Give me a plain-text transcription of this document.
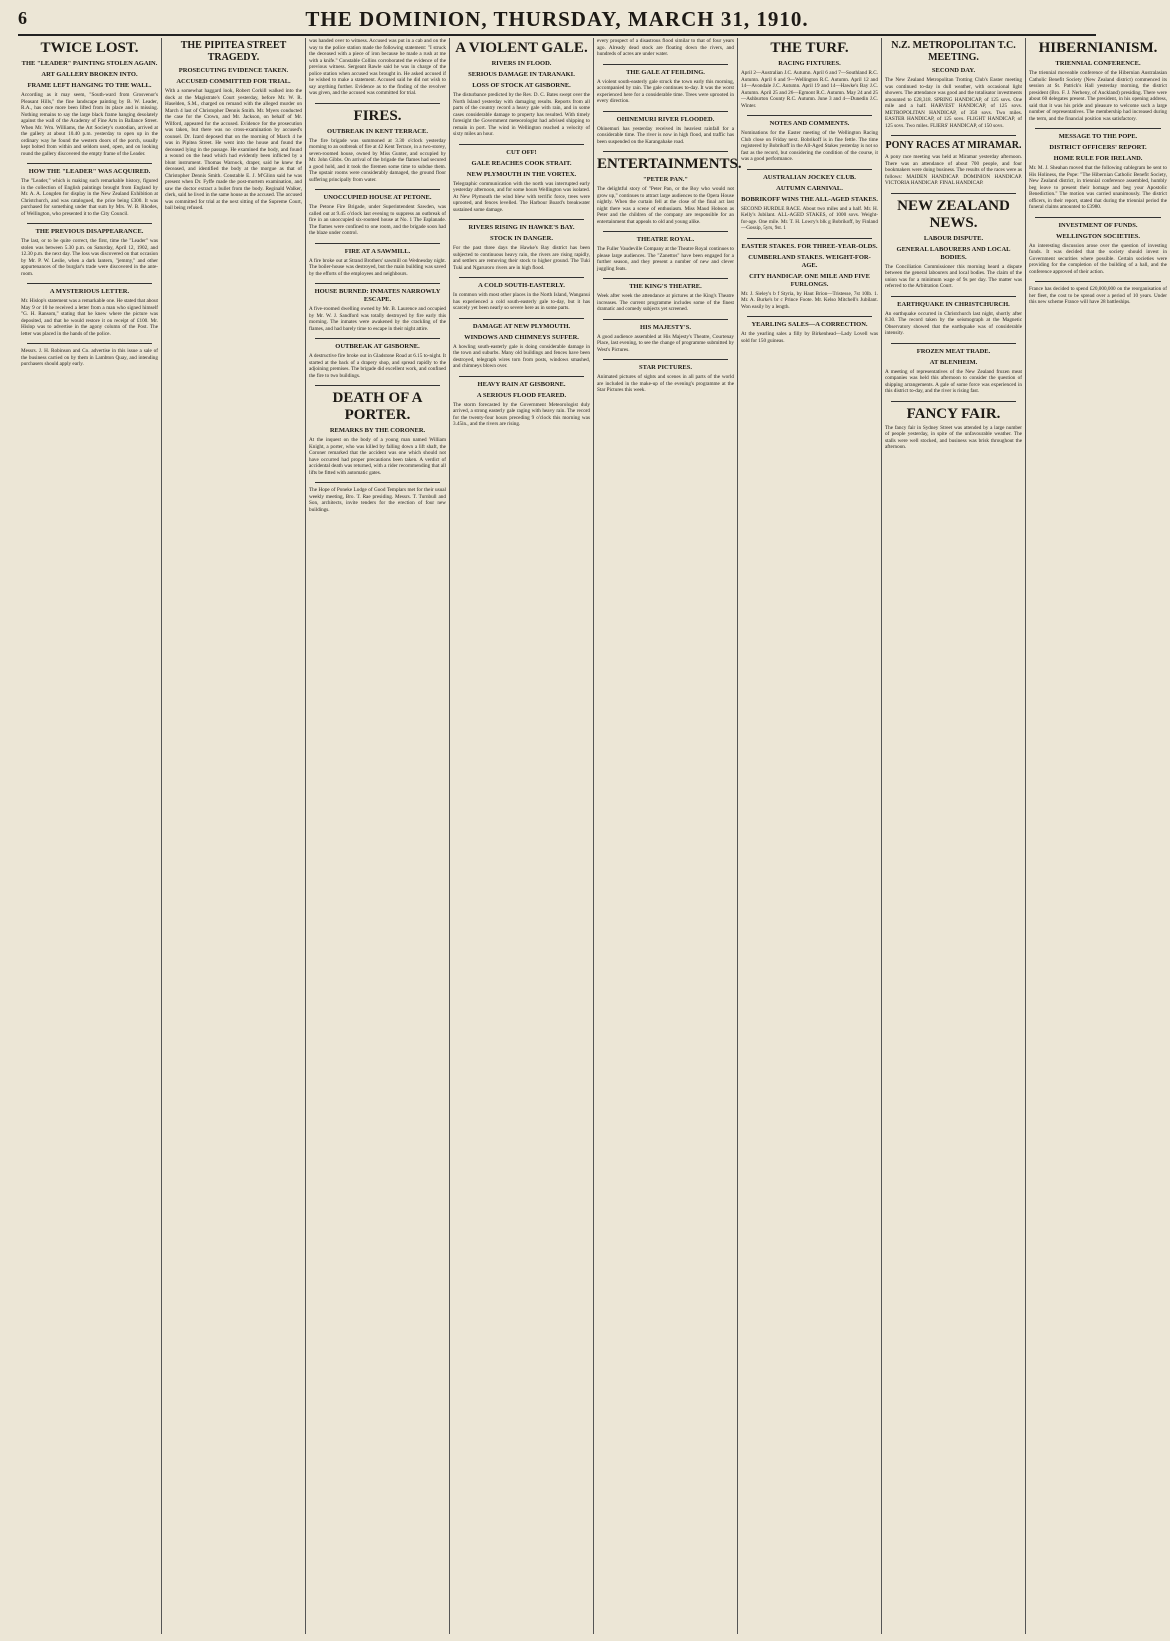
6	THE DOMINION, THURSDAY, MARCH 31, 1910.
TWICE LOST.
THE "LEADER" PAINTING STOLEN AGAIN.
ART GALLERY BROKEN INTO.
FRAME LEFT HANGING TO THE WALL.

According as it may seem, "South-ward from Grosvenor's Pleasant Hills," the fine landscape painting by B. W. Leader, R.A., has once more been lifted from its place and is missing. Nothing remains to say the large black frame hanging desolately against the wall of the Academy of Fine Arts in Ballance Street. When Mr. Wm. Williams, the Art Society's custodian, arrived at the gallery at about 10.40 p.m. yesterday to open up in the ordinary way he found the western doors of the porch, usually kept bolted from within and seldom used, open, and on looking round the gallery discovered the empty frame of the Leader.

HOW THE "LEADER" WAS ACQUIRED.

The "Leader," which is making such remarkable history, figured in the collection of English paintings brought from England by Mr. A. A. Longden for display in the New Zealand Exhibition at Christchurch, and was catalogued, the price being £300. It was purchased for something under that sum by Mrs. W. B. Rhodes, of Wellington, who presented it to the City Council.

THE PREVIOUS DISAPPEARANCE.

The last, or to be quite correct, the first, time the "Leader" was stolen was between 5.30 p.m. on Saturday, April 12, 1902, and 12.30 p.m. the next day. The loss was discovered on that occasion by Mr. P. W. Leslie, when a dark lantern, "jemmy," and other appurtenances of the burglar's trade were discovered in the ante-room.

A MYSTERIOUS LETTER.

Mr. Hislop's statement was a remarkable one. He stated that about May 9 or 10 he received a letter from a man who signed himself "G. H. Ransom," stating that he knew where the picture was deposited, and that he would restore it on receipt of £100. Mr. Hislop was to advertise in the agony column of the Post. The letter was placed in the hands of the police.

Messrs. J. H. Robinson and Co. advertise in this issue a sale of the business carried on by them in Lambton Quay, and intending purchasers should apply early.

THE PIPITEA STREET TRAGEDY.
PROSECUTING EVIDENCE TAKEN.
ACCUSED COMMITTED FOR TRIAL.

With a somewhat haggard look, Robert Corkill walked into the dock at the Magistrate's Court yesterday, before Mr. W. R. Haselden, S.M., charged on remand with the alleged murder on March 4 last of Christopher Dennis Smith. Mr. Myers conducted the case for the Crown, and Mr. Jackson, on behalf of Mr. Wilford, appeared for the accused. Evidence for the prosecution was taken, but there was no cross-examination by accused's counsel. Dr. Izard deposed that on the morning of March 4 he was in Pipitea Street. He went into the house and found the deceased lying in the passage. He examined the body, and found a wound on the head which had evidently been inflicted by a blunt instrument. Thomas Warnock, draper, said he knew the deceased, and identified the body at the morgue as that of Christopher Dennis Smith. Constable E. J. M'Glinn said he was present when Dr. Fyffe made the post-mortem examination, and saw the doctor extract a bullet from the body. Reginald Walker, clerk, said he lived in the same house as the accused. The accused was committed for trial at the next sitting of the Supreme Court, bail being refused.

was handed over to witness. Accused was put in a cab and on the way to the police station made the following statement: "I struck the deceased with a piece of iron because he made a rush at me with a knife." Constable Collins corroborated the evidence of the previous witness. Sergeant Rawle said he was in charge of the police station when accused was brought in. He asked accused if he wished to make a statement. Accused said he did not wish to say anything further. Evidence as to the finding of the revolver was given, and the accused was committed for trial.

FIRES.
OUTBREAK IN KENT TERRACE.

The fire brigade was summoned at 3.30 o'clock yesterday morning to an outbreak of fire at 42 Kent Terrace, in a two-storey, seven-roomed house, owned by Miss Gunter, and occupied by Mr. John Gibbs. On arrival of the brigade the flames had secured a good hold, and it took the firemen some time to subdue them. The upstair rooms were considerably damaged, the ground floor suffering principally from water.

UNOCCUPIED HOUSE AT PETONE.

The Petone Fire Brigade, under Superintendent Sawden, was called out at 9.45 o'clock last evening to suppress an outbreak of fire in an unoccupied six-roomed house at No. 1 The Esplanade. The flames were confined to one room, and the brigade soon had the blaze under control.

FIRE AT A SAWMILL.

A fire broke out at Strand Brothers' sawmill on Wednesday night. The boiler-house was destroyed, but the main building was saved by the efforts of the employees and neighbours.

HOUSE BURNED: INMATES NARROWLY ESCAPE.

A five-roomed dwelling owned by Mr. B. Laurence and occupied by Mr. W. J. Sandford was totally destroyed by fire early this morning. The inmates were awakened by the crackling of the flames, and had barely time to escape in their night attire.

OUTBREAK AT GISBORNE.

A destructive fire broke out in Gladstone Road at 6.15 to-night. It started at the back of a drapery shop, and spread rapidly to the adjoining premises. The brigade did excellent work, and confined the fire to two buildings.

DEATH OF A PORTER.
REMARKS BY THE CORONER.

At the inquest on the body of a young man named William Knight, a porter, who was killed by falling down a lift shaft, the Coroner remarked that the accident was one which should not have occurred had proper precautions been taken. A verdict of accidental death was returned, with a rider recommending that all lifts be fitted with automatic gates.

The Hope of Poneke Lodge of Good Templars met for their usual weekly meeting, Bro. T. Rae presiding. Messrs. T. Turnbull and Son, architects, invite tenders for the erection of four new buildings.

A VIOLENT GALE.
RIVERS IN FLOOD.
SERIOUS DAMAGE IN TARANAKI.
LOSS OF STOCK AT GISBORNE.

The disturbance predicted by the Rev. D. C. Bates swept over the North Island yesterday with damaging results. Reports from all parts of the country record a heavy gale with rain, and in some cases considerable damage to property has resulted. With timely foresight the Government meteorologist had advised shipping to remain in port. The wind in Wellington reached a velocity of sixty miles an hour.

CUT OFF!
GALE REACHES COOK STRAIT.
NEW PLYMOUTH IN THE VORTEX.

Telegraphic communication with the north was interrupted early yesterday afternoon, and for some hours Wellington was isolated. At New Plymouth the wind blew with terrific force, trees were uprooted, and fences levelled. The Harbour Board's breakwater sustained some damage.

RIVERS RISING IN HAWKE'S BAY.
STOCK IN DANGER.

For the past three days the Hawke's Bay district has been subjected to continuous heavy rain, the rivers are rising rapidly, and settlers are removing their stock to higher ground. The Tuki Tuki and Ngaruroro rivers are in high flood.

A COLD SOUTH-EASTERLY.

In common with most other places in the North Island, Wanganui has experienced a cold south-easterly gale to-day, but it has scarcely yet been nearly so severe here as in some parts.

DAMAGE AT NEW PLYMOUTH.
WINDOWS AND CHIMNEYS SUFFER.

A howling south-easterly gale is doing considerable damage in the town and suburbs. Many old buildings and fences have been destroyed, telegraph wires torn from posts, windows smashed, and chimneys blown over.

HEAVY RAIN AT GISBORNE.
A SERIOUS FLOOD FEARED.

The storm forecasted by the Government Meteorologist duly arrived, a strong easterly gale raging with heavy rain. The record for the twenty-four hours preceding 9 o'clock this morning was 3.45in., and the rivers are rising.

every prospect of a disastrous flood similar to that of four years ago. Already dead stock are floating down the rivers, and hundreds of acres are under water.

THE GALE AT FEILDING.

A violent south-easterly gale struck the town early this morning, accompanied by rain. The gale continues to-day. It was the worst experienced here for a considerable time. Trees were uprooted in every direction.

OHINEMURI RIVER FLOODED.

Ohinemuri has yesterday received its heaviest rainfall for a considerable time. The river is now in high flood, and traffic has been suspended on the Karangahake road.

ENTERTAINMENTS.
"PETER PAN."

The delightful story of "Peter Pan, or the Boy who would not grow up," continues to attract large audiences to the Opera House nightly. When the curtain fell at the close of the final act last night there was a scene of enthusiasm. Miss Maud Hobson as Peter and the children of the company are responsible for an entertainment that appeals to old and young alike.

THEATRE ROYAL.

The Fuller Vaudeville Company at the Theatre Royal continues to please large audiences. The "Zanettos" have been engaged for a further season, and they present a number of new and clever juggling feats.

THE KING'S THEATRE.

Week after week the attendance at pictures at the King's Theatre increases. The current programme includes some of the finest dramatic and comedy subjects yet screened.

HIS MAJESTY'S.

A good audience assembled at His Majesty's Theatre, Courtenay Place, last evening, to see the change of programme submitted by West's Pictures.

STAR PICTURES.

Animated pictures of sights and scenes in all parts of the world are included in the make-up of the evening's programme at the Star Pictures this week.

THE TURF.
RACING FIXTURES.

April 2—Australian J.C. Autumn. April 6 and 7—Southland R.C. Autumn. April 6 and 9—Wellington R.C. Autumn. April 12 and 14—Avondale J.C. Autumn. April 19 and 14—Hawke's Bay J.C. Autumn. April 25 and 26—Egmont R.C. Autumn. May 24 and 25—Ashburton County R.C. Autumn. June 3 and 4—Dunedin J.C. Winter.

NOTES AND COMMENTS.

Nominations for the Easter meeting of the Wellington Racing Club close on Friday next. Bobrikoff is in fine fettle. The time registered by Bobrikoff in the All-Aged Stakes yesterday is not so fast as the record, but considering the condition of the course, it was a good performance.

AUSTRALIAN JOCKEY CLUB.
AUTUMN CARNIVAL.
BOBRIKOFF WINS THE ALL-AGED STAKES.

SECOND HURDLE RACE. About two miles and a half. Mr. H. Kelly's Jubilant. ALL-AGED STAKES, of 1000 sovs. Weight-for-age. One mile. Mr. T. H. Lowry's blk g Bobrikoff, by Finland—Gossip, 5yrs, 9st. 1

EASTER STAKES. FOR THREE-YEAR-OLDS.
CUMBERLAND STAKES. WEIGHT-FOR-AGE.
CITY HANDICAP. ONE MILE AND FIVE FURLONGS.

Mr. J. Sieley's b f Styria, by Haut Brion—Tristesse, 7st 10lb. 1. Mr. A. Burke's br c Prince Foote. Mr. Kelso Mitchell's Jubilant. Won easily by a length.

YEARLING SALES—A CORRECTION.

At the yearling sales a filly by Birkenhead—Lady Lovell was sold for 150 guineas.

N.Z. METROPOLITAN T.C. MEETING.
SECOND DAY.

The New Zealand Metropolitan Trotting Club's Easter meeting was continued to-day in dull weather, with occasional light showers. The attendance was good and the totalisator investments amounted to £28,318. SPRING HANDICAP, of 125 sovs. One mile and a half. HARVEST HANDICAP, of 125 sovs. METROPOLITAN HANDICAP, of 350 sovs. Two miles. EASTER HANDICAP, of 125 sovs. FLIGHT HANDICAP, of 125 sovs. Two miles. FLIERS' HANDICAP, of 150 sovs.

PONY RACES AT MIRAMAR.

A pony race meeting was held at Miramar yesterday afternoon. There was an attendance of about 700 people, and four bookmakers were doing business. The results of the races were as follows: MAIDEN HANDICAP. DOMINION HANDICAP. VICTORIA HANDICAP. FINAL HANDICAP.

NEW ZEALAND NEWS.
LABOUR DISPUTE.
GENERAL LABOURERS AND LOCAL BODIES.

The Conciliation Commissioner this morning heard a dispute between the general labourers and local bodies. The claim of the union was for a minimum wage of 9s per day. The matter was referred to the Arbitration Court.

EARTHQUAKE IN CHRISTCHURCH.

An earthquake occurred in Christchurch last night, shortly after 8.30. The record taken by the seismograph at the Magnetic Observatory showed that the earthquake was of considerable intensity.

FROZEN MEAT TRADE.
AT BLENHEIM.

A meeting of representatives of the New Zealand frozen meat companies was held this afternoon to consider the question of shipping arrangements. A gale of some force was experienced in this district to-day, and the river is rising fast.

FANCY FAIR.

The fancy fair in Sydney Street was attended by a large number of people yesterday, in spite of the unfavourable weather. The stalls were well stocked, and business was brisk throughout the afternoon.

HIBERNIANISM.
TRIENNIAL CONFERENCE.

The triennial moveable conference of the Hibernian Australasian Catholic Benefit Society (New Zealand district) commenced its session at St. Patrick's Hall yesterday morning, the district president (Bro. F. J. Nerheny, of Auckland) presiding. There were about 60 delegates present. The president, in his opening address, said that it was his pride and pleasure to welcome such a large number of representatives. The membership had increased during the term, and the financial position was satisfactory.

MESSAGE TO THE POPE.
DISTRICT OFFICERS' REPORT.
HOME RULE FOR IRELAND.

Mr. M. J. Sheahan moved that the following cablegram be sent to His Holiness, the Pope: "The Hibernian Catholic Benefit Society, New Zealand district, in triennial conference assembled, humbly beg leave to present their homage and beg your Apostolic Benediction." The motion was carried unanimously. The district officers, in their report, stated that during the triennial period the funeral claims amounted to £3980.

INVESTMENT OF FUNDS.
WELLINGTON SOCIETIES.

An interesting discussion arose over the question of investing funds. It was decided that the society should invest in Government securities where possible. Certain societies were providing for the completion of the building of a hall, and the conference approved of their action.

France has decided to spend £20,000,000 on the reorganisation of her fleet, the cost to be spread over a period of 10 years. Under this new scheme France will have 28 battleships.
